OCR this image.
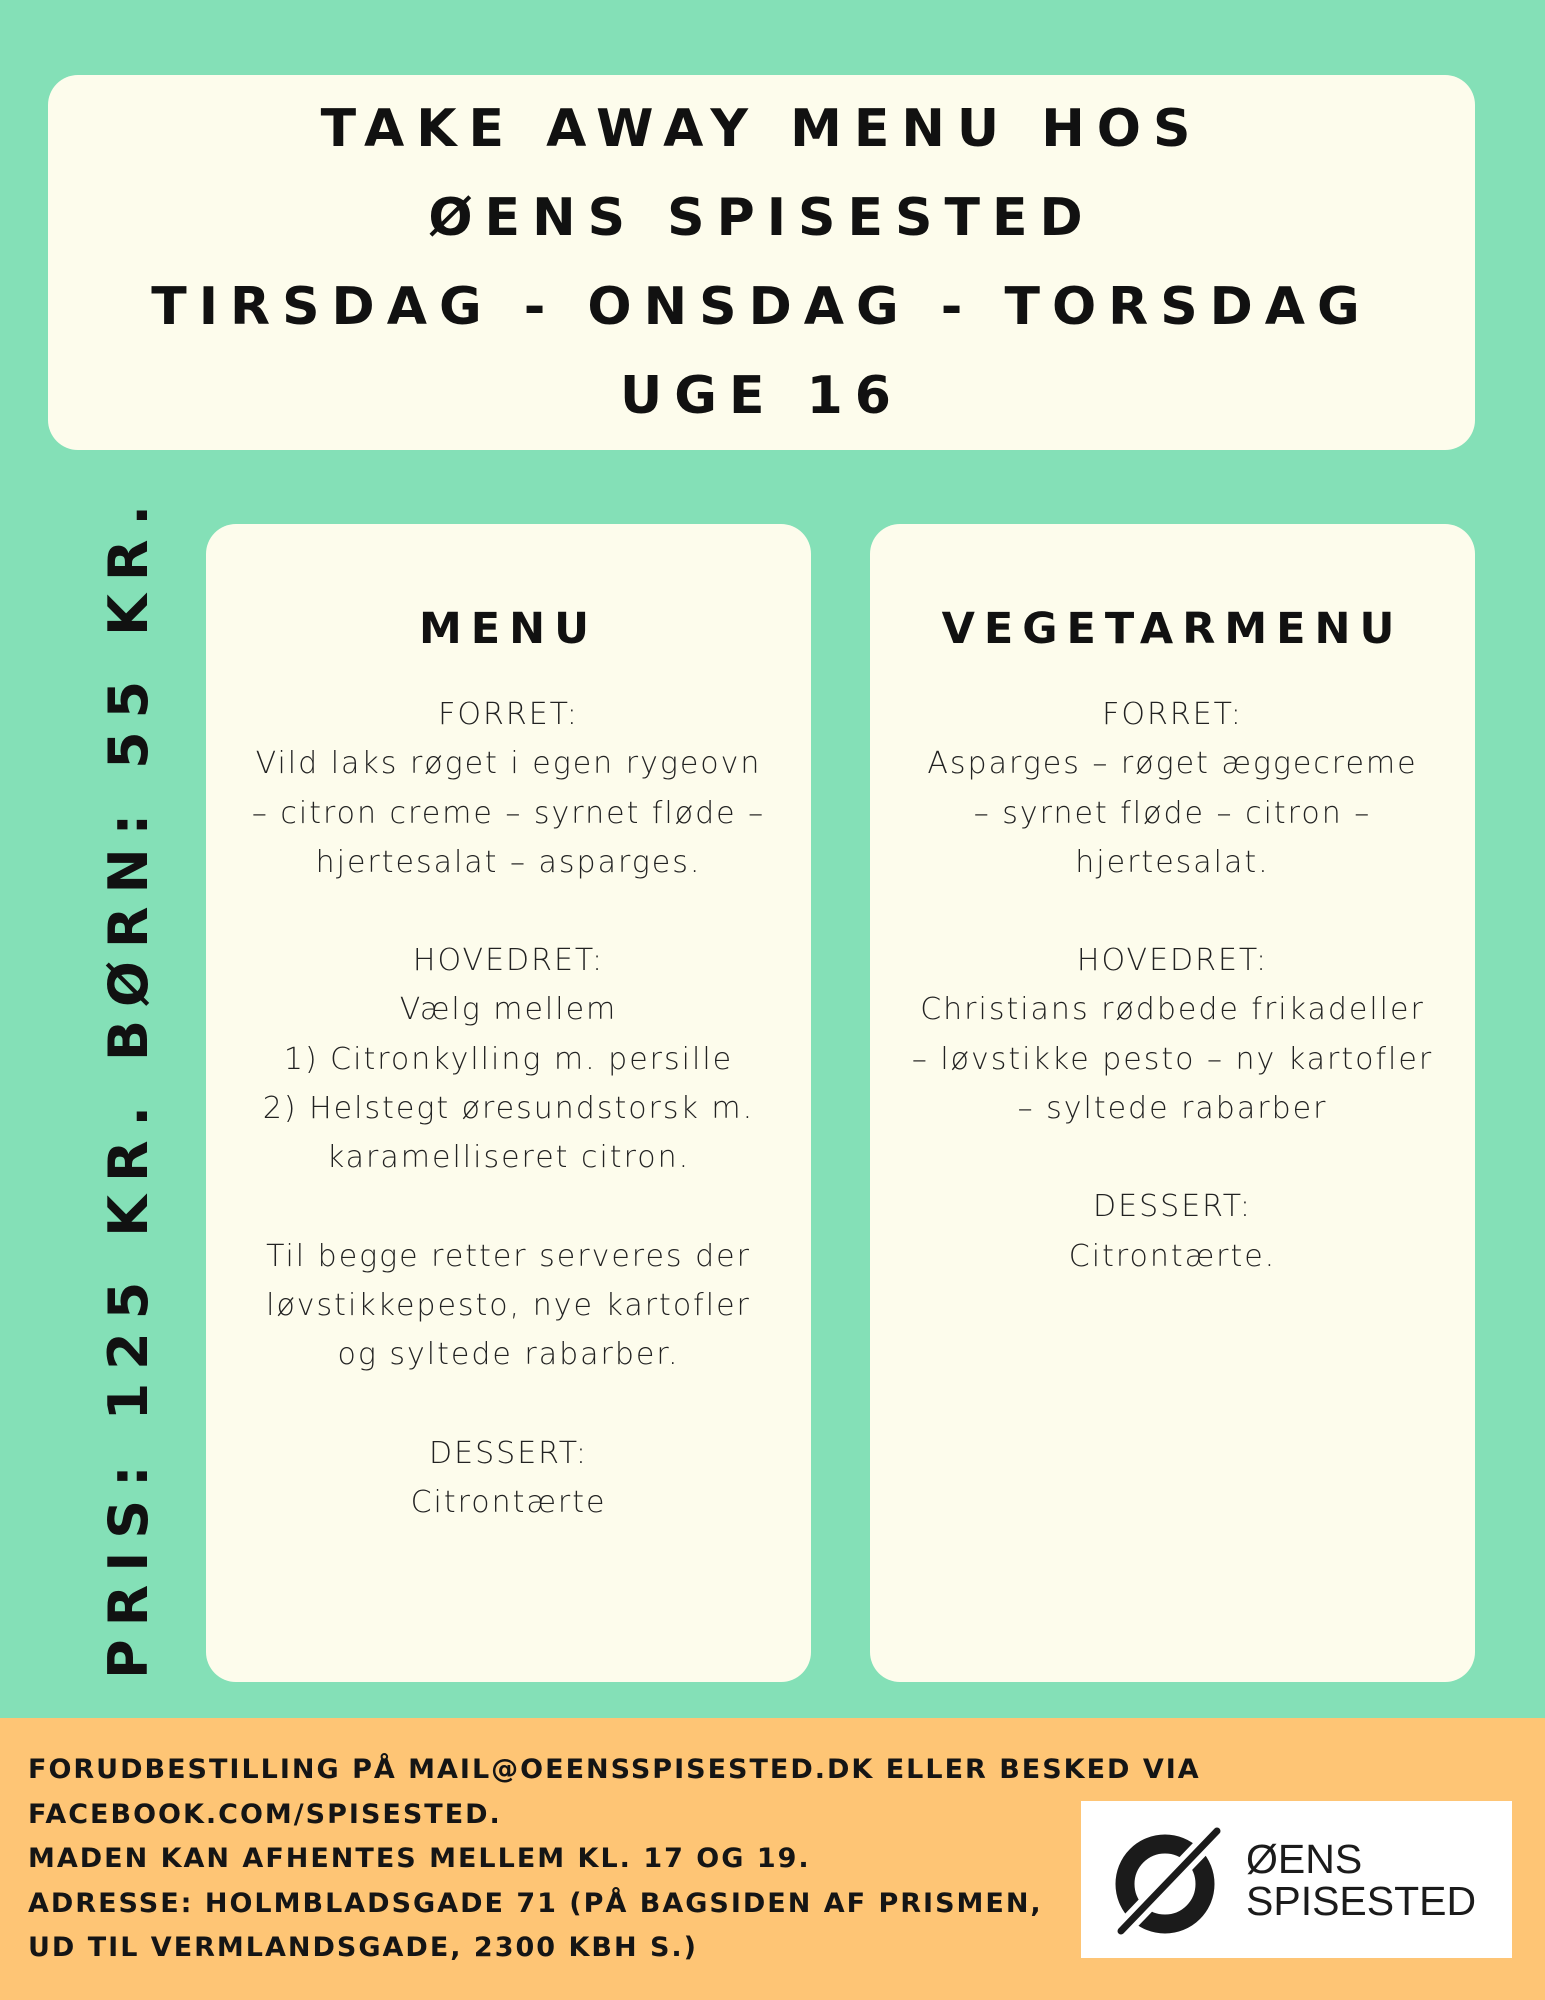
TAKE AWAY MENU HOS
ØENS SPISESTED
TIRSDAG - ONSDAG - TORSDAG
UGE 16
PRIS: 125 KR. BØRN: 55 KR.	MENU
FORRET:
Vild laks røget i egen rygeovn
– citron creme – syrnet fløde –
hjertesalat – asparges.
HOVEDRET:
Vælg mellem
1) Citronkylling m. persille
2) Helstegt øresundstorsk m.
karamelliseret citron.
Til begge retter serveres der
løvstikkepesto, nye kartofler
og syltede rabarber.
DESSERT:
Citrontærte
VEGETARMENU
FORRET:
Asparges – røget æggecreme
– syrnet fløde – citron –
hjertesalat.
HOVEDRET:
Christians rødbede frikadeller
– løvstikke pesto – ny kartofler
– syltede rabarber
DESSERT:
Citrontærte.
FORUDBESTILLING PÅ MAIL@OEENSSPISESTED.DK ELLER BESKED VIA
FACEBOOK.COM/SPISESTED.
MADEN KAN AFHENTES MELLEM KL. 17 OG 19.
ADRESSE: HOLMBLADSGADE 71 (PÅ BAGSIDEN AF PRISMEN,
UD TIL VERMLANDSGADE, 2300 KBH S.)
ØENS
SPISESTED
